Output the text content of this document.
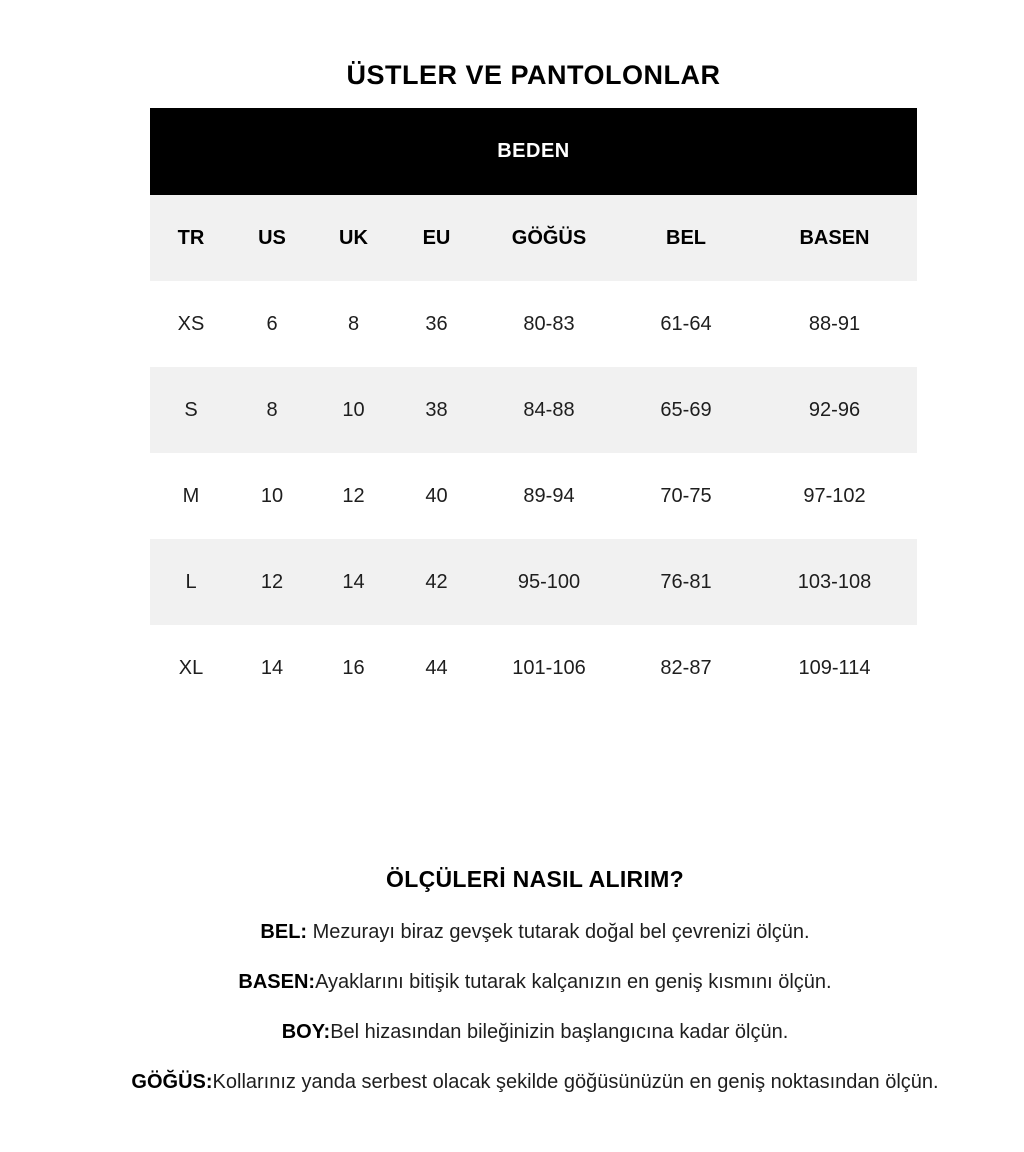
ÜSTLER VE PANTOLONLAR
BEDEN						
TR	US	UK	EU	GÖĞÜS	BEL	BASEN
XS	6	8	36	80-83	61-64	88-91
S	8	10	38	84-88	65-69	92-96
M	10	12	40	89-94	70-75	97-102
L	12	14	42	95-100	76-81	103-108
XL	14	16	44	101-106	82-87	109-114
ÖLÇÜLERİ NASIL ALIRIM?
BEL: Mezurayı biraz gevşek tutarak doğal bel çevrenizi ölçün.
BASEN:Ayaklarını bitişik tutarak kalçanızın en geniş kısmını ölçün.
BOY:Bel hizasından bileğinizin başlangıcına kadar ölçün.
GÖĞÜS:Kollarınız yanda serbest olacak şekilde göğüsünüzün en geniş noktasından ölçün.
